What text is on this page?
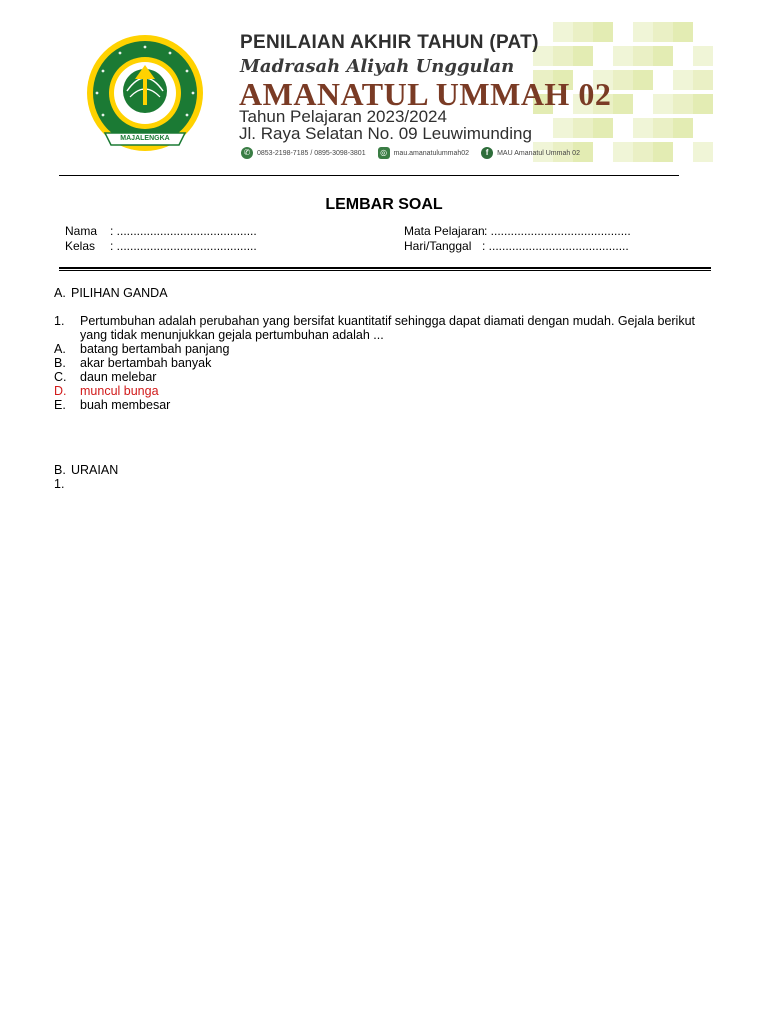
MAJALENGKA
PENILAIAN AKHIR TAHUN (PAT)
Madrasah Aliyah Unggulan
AMANATUL UMMAH 02
Tahun Pelajaran 2023/2024
Jl. Raya Selatan No. 09 Leuwimunding
✆ 0853-2198-7185 / 0895-3098-3801	◎ mau.amanatulummah02	f	MAU Amanatul Ummah 02
LEMBAR SOAL
Nama : ..........................................
Kelas : ..........................................
Mata Pelajaran : ..........................................
Hari/Tanggal : ..........................................
A. PILIHAN GANDA
1. Pertumbuhan adalah perubahan yang bersifat kuantitatif sehingga dapat diamati dengan mudah. Gejala berikut
yang tidak menunjukkan gejala pertumbuhan adalah ...
A. batang bertambah panjang
B. akar bertambah banyak
C. daun melebar
D. muncul bunga
E. buah membesar
B. URAIAN
1.
